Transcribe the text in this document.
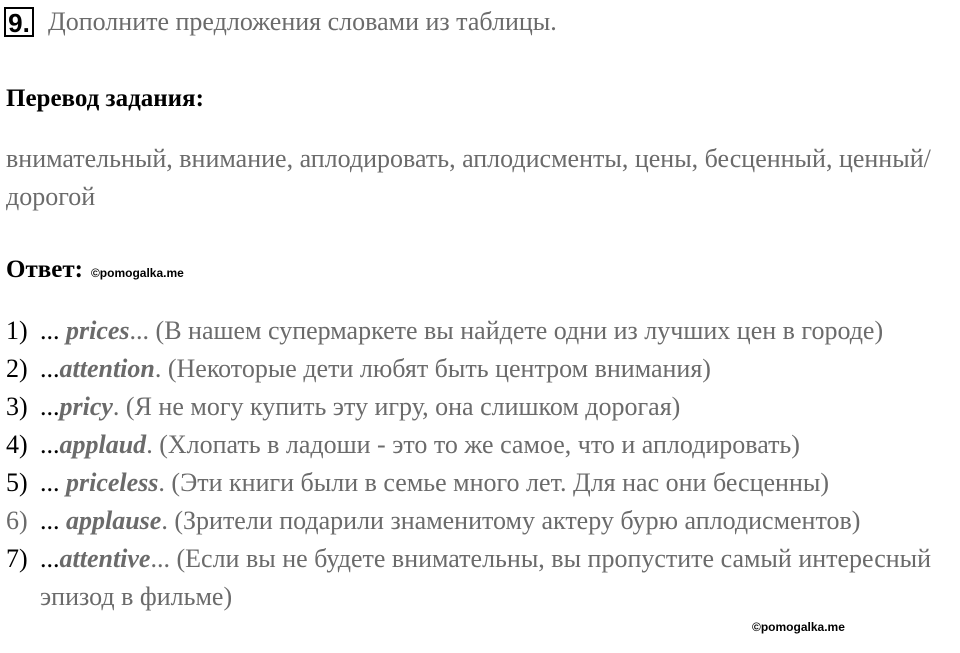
9. Дополните предложения словами из таблицы.
Перевод задания:

внимательный, внимание, аплодировать, аплодисменты, цены, бесценный, ценный/дорогой

Ответ: ©pomogalka.me
1) ... prices... (В нашем супермаркете вы найдете одни из лучших цен в городе)
2) ...attention. (Некоторые дети любят быть центром внимания)
3) ...pricy. (Я не могу купить эту игру, она слишком дорогая)
4) ...applaud. (Хлопать в ладоши - это то же самое, что и аплодировать)
5) ... priceless. (Эти книги были в семье много лет. Для нас они бесценны)
6) ... applause. (Зрители подарили знаменитому актеру бурю аплодисментов)
7) ...attentive... (Если вы не будете внимательны, вы пропустите самый интересный эпизод в фильме)
©pomogalka.me
